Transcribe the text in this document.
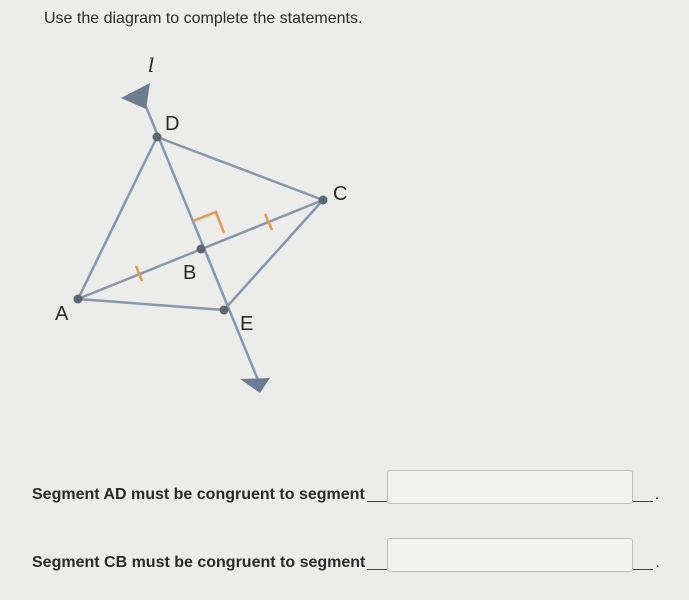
Use the diagram to complete the statements.
l
D
C
B
A	E
Segment AD must be congruent to segment	.
Segment CB must be congruent to segment	.
